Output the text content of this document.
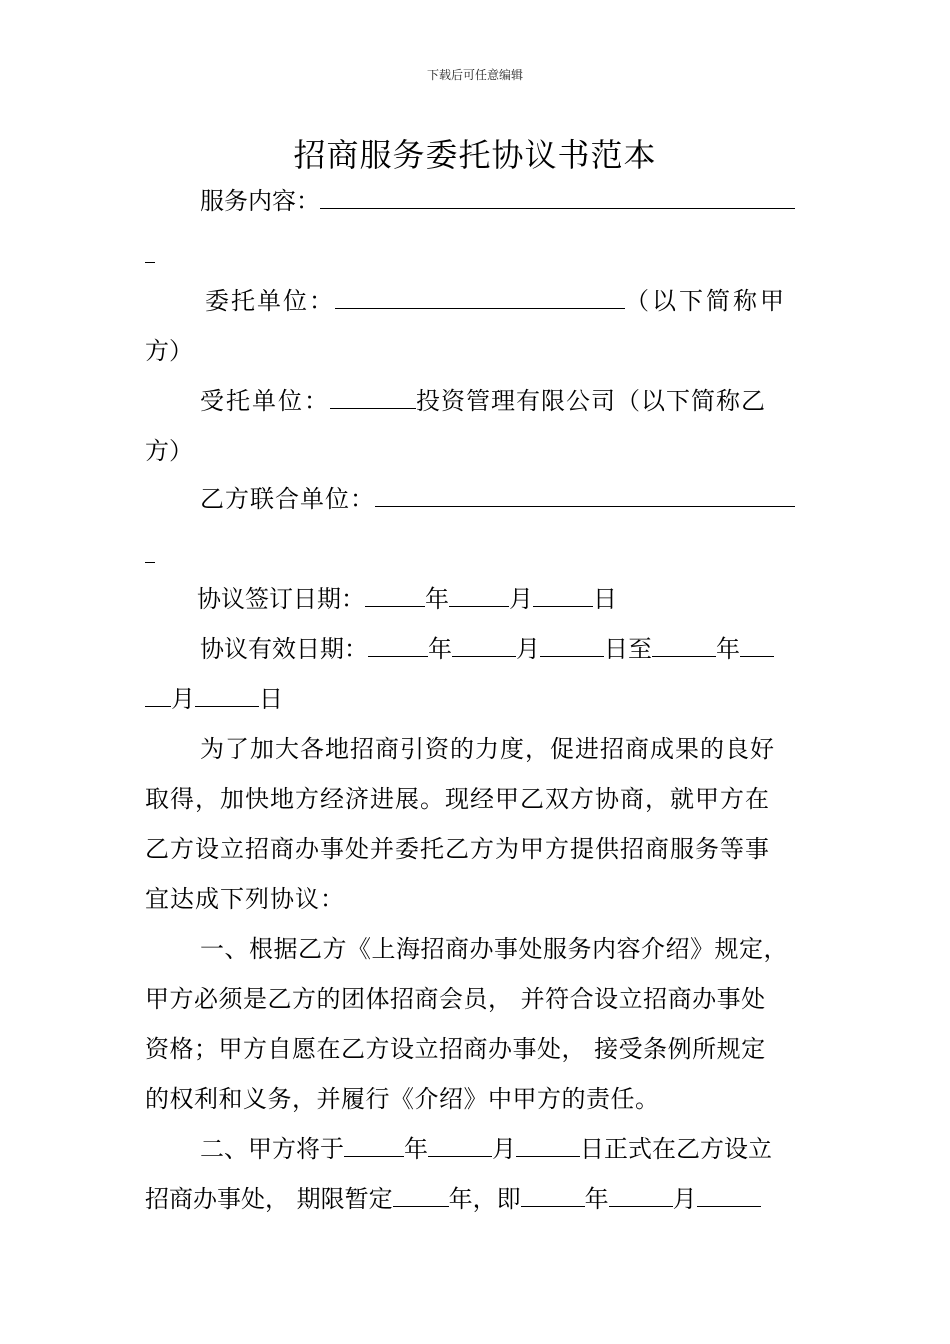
下载后可任意编辑
招商服务委托协议书范本
服务内容：
委托单位：	（以下简称甲
方）
受托单位：	投资管理有限公司（以下简称乙
方）
乙方联合单位：
协议签订日期：	年	月	日
协议有效日期：	年	月	日至	年
月	日
为了加大各地招商引资的力度，促进招商成果的良好
取得，加快地方经济进展。现经甲乙双方协商，就甲方在
乙方设立招商办事处并委托乙方为甲方提供招商服务等事
宜达成下列协议：
一、根据乙方《上海招商办事处服务内容介绍》规定，
甲方必须是乙方的团体招商会员， 并符合设立招商办事处
资格；甲方自愿在乙方设立招商办事处， 接受条例所规定
的权利和义务，并履行《介绍》中甲方的责任。
二、甲方将于	年	月	日正式在乙方设立
招商办事处， 期限暂定 年，即	年	月
